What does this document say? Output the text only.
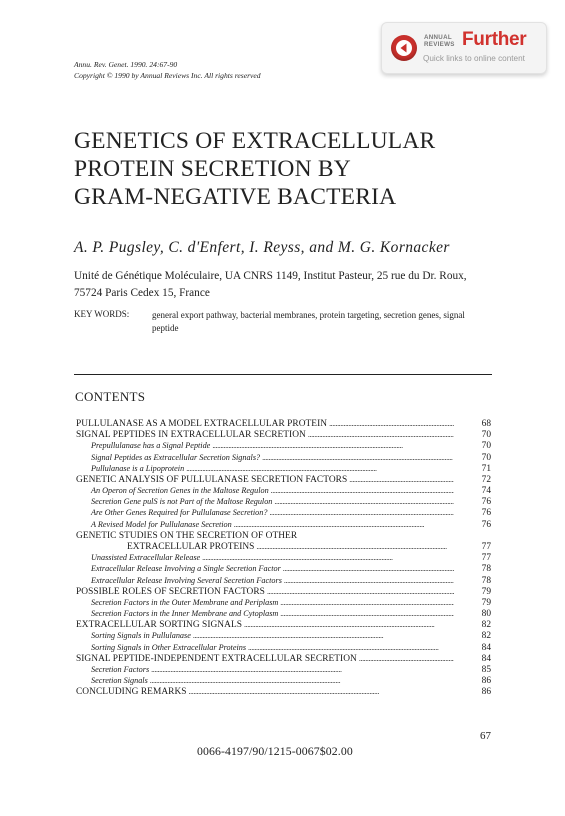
Annu. Rev. Genet. 1990. 24:67-90
Copyright © 1990 by Annual Reviews Inc. All rights reserved
ANNUAL
REVIEWS Further
Quick links to online content
GENETICS OF EXTRACELLULAR
PROTEIN SECRETION BY
GRAM-NEGATIVE BACTERIA
A. P. Pugsley, C. d'Enfert, I. Reyss, and M. G. Kornacker
Unité de Génétique Moléculaire, UA CNRS 1149, Institut Pasteur, 25 rue du Dr. Roux, 75724 Paris Cedex 15, France
KEY WORDS:	general export pathway, bacterial membranes, protein targeting, secretion genes, signal peptide
CONTENTS
PULLULANASE AS A MODEL EXTRACELLULAR PROTEIN . . .	68
SIGNAL PEPTIDES IN EXTRACELLULAR SECRETION . . .	70
Prepullulanase has a Signal Peptide . . .	70
Signal Peptides as Extracellular Secretion Signals? . . .	70
Pullulanase is a Lipoprotein . . .	71
GENETIC ANALYSIS OF PULLULANASE SECRETION FACTORS . . .	72
An Operon of Secretion Genes in the Maltose Regulon . . .	74
Secretion Gene pulS is not Part of the Maltose Regulon . . .	76
Are Other Genes Required for Pullulanase Secretion? . . .	76
A Revised Model for Pullulanase Secretion . . .	76
GENETIC STUDIES ON THE SECRETION OF OTHER
EXTRACELLULAR PROTEINS . . .	77
Unassisted Extracellular Release . . .	77
Extracellular Release Involving a Single Secretion Factor . . .	78
Extracellular Release Involving Several Secretion Factors . . .	78
POSSIBLE ROLES OF SECRETION FACTORS . . .	79
Secretion Factors in the Outer Membrane and Periplasm . . .	79
Secretion Factors in the Inner Membrane and Cytoplasm . . .	80
EXTRACELLULAR SORTING SIGNALS . . .	82
Sorting Signals in Pullulanase . . .	82
Sorting Signals in Other Extracellular Proteins . . .	84
SIGNAL PEPTIDE-INDEPENDENT EXTRACELLULAR SECRETION . . .	84
Secretion Factors . . .	85
Secretion Signals . . .	86
CONCLUDING REMARKS . . .	86
67
0066-4197/90/1215-0067$02.00
